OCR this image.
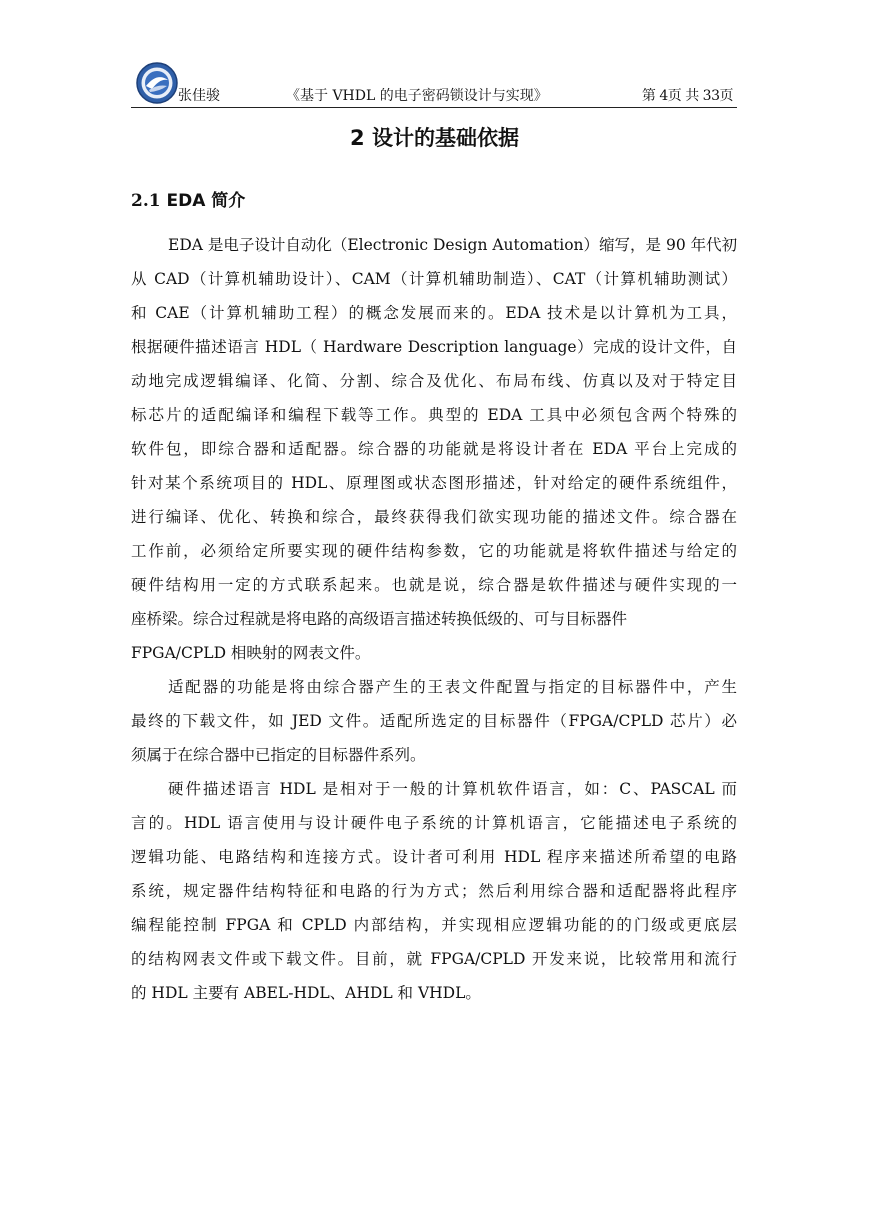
张佳骏	《基于 VHDL 的电子密码锁设计与实现》	第 4页 共 33页
2 设计的基础依据
2.1 EDA 简介
EDA 是电子设计自动化（Electronic Design Automation）缩写，是 90 年代初
从 CAD（计算机辅助设计）、CAM（计算机辅助制造）、CAT（计算机辅助测试）
和 CAE（计算机辅助工程）的概念发展而来的。EDA 技术是以计算机为工具，
根据硬件描述语言 HDL（ Hardware Description language）完成的设计文件，自
动地完成逻辑编译、化简、分割、综合及优化、布局布线、仿真以及对于特定目
标芯片的适配编译和编程下载等工作。典型的 EDA 工具中必须包含两个特殊的
软件包，即综合器和适配器。综合器的功能就是将设计者在 EDA 平台上完成的
针对某个系统项目的 HDL、原理图或状态图形描述，针对给定的硬件系统组件，
进行编译、优化、转换和综合，最终获得我们欲实现功能的描述文件。综合器在
工作前，必须给定所要实现的硬件结构参数，它的功能就是将软件描述与给定的
硬件结构用一定的方式联系起来。也就是说，综合器是软件描述与硬件实现的一
座桥梁。综合过程就是将电路的高级语言描述转换低级的、可与目标器件
FPGA/CPLD 相映射的网表文件。
适配器的功能是将由综合器产生的王表文件配置与指定的目标器件中，产生
最终的下载文件，如 JED 文件。适配所选定的目标器件（FPGA/CPLD 芯片）必
须属于在综合器中已指定的目标器件系列。
硬件描述语言 HDL 是相对于一般的计算机软件语言，如：C、PASCAL 而
言的。HDL 语言使用与设计硬件电子系统的计算机语言，它能描述电子系统的
逻辑功能、电路结构和连接方式。设计者可利用 HDL 程序来描述所希望的电路
系统，规定器件结构特征和电路的行为方式；然后利用综合器和适配器将此程序
编程能控制 FPGA 和 CPLD 内部结构，并实现相应逻辑功能的的门级或更底层
的结构网表文件或下载文件。目前，就 FPGA/CPLD 开发来说，比较常用和流行
的 HDL 主要有 ABEL-HDL、AHDL 和 VHDL。
